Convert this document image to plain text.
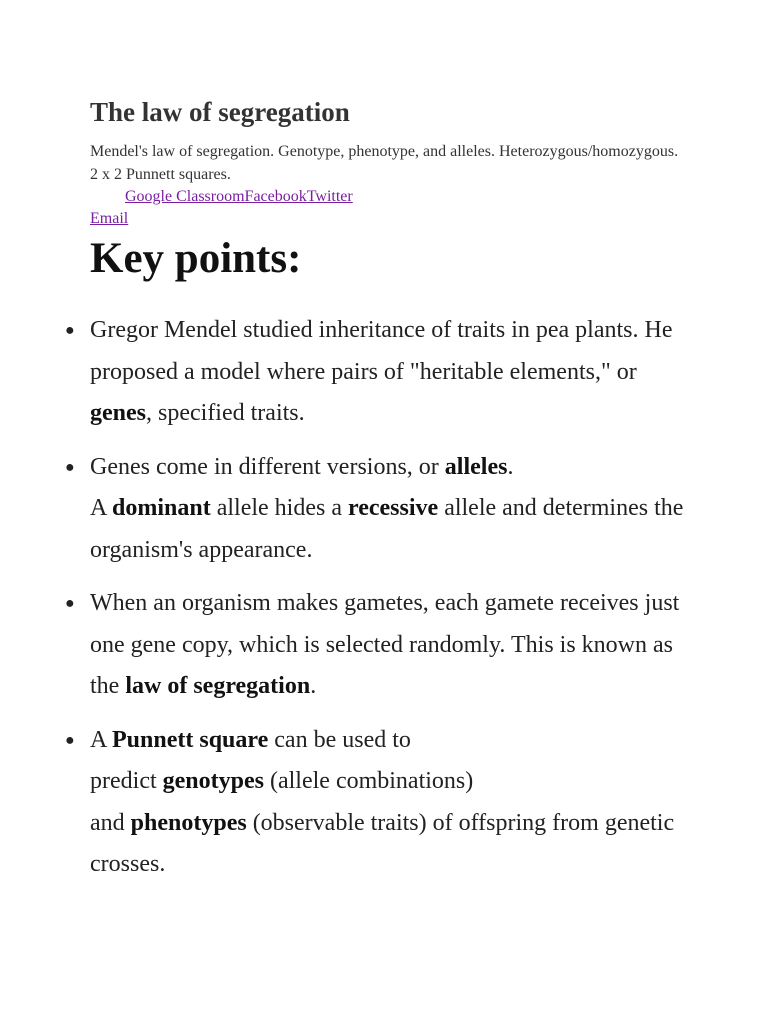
The law of segregation

Mendel's law of segregation. Genotype, phenotype, and alleles. Heterozygous/homozygous. 2 x 2 Punnett squares.

Google ClassroomFacebookTwitter

Email

Key points:
● Gregor Mendel studied inheritance of traits in pea plants. He proposed a model where pairs of "heritable elements," or genes, specified traits.
● Genes come in different versions, or alleles.
A dominant allele hides a recessive allele and determines the organism's appearance.
● When an organism makes gametes, each gamete receives just one gene copy, which is selected randomly. This is known as the law of segregation.
● A Punnett square can be used to
predict genotypes (allele combinations)
and phenotypes (observable traits) of offspring from genetic crosses.
